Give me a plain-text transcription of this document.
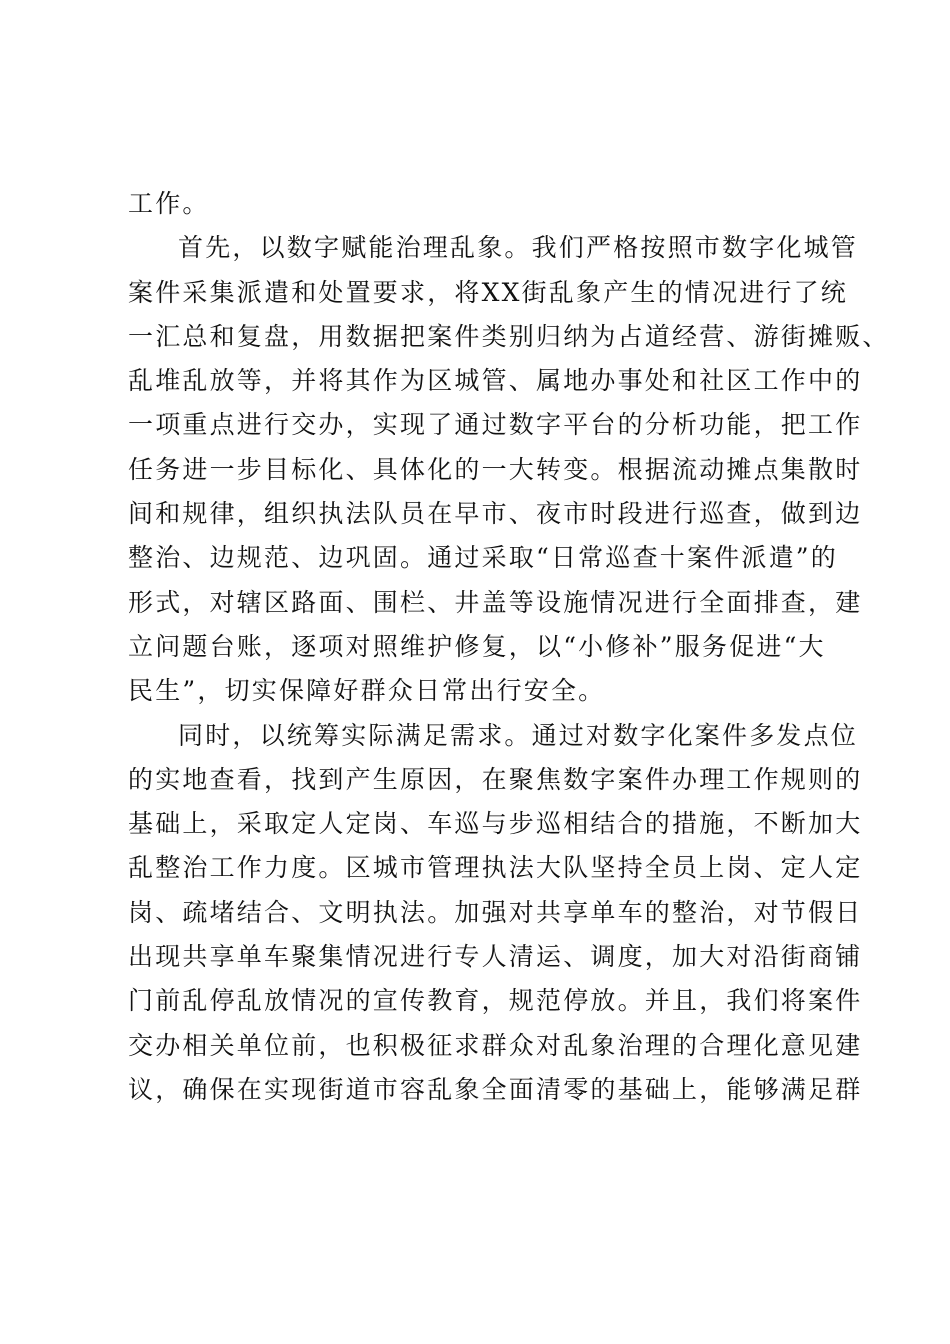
工作。
首先，以数字赋能治理乱象。我们严格按照市数字化城管
案件采集派遣和处置要求，将XX街乱象产生的情况进行了统
一汇总和复盘，用数据把案件类别归纳为占道经营、游街摊贩、
乱堆乱放等，并将其作为区城管、属地办事处和社区工作中的
一项重点进行交办，实现了通过数字平台的分析功能，把工作
任务进一步目标化、具体化的一大转变。根据流动摊点集散时
间和规律，组织执法队员在早市、夜市时段进行巡查，做到边
整治、边规范、边巩固。通过采取“日常巡查十案件派遣”的
形式，对辖区路面、围栏、井盖等设施情况进行全面排查，建
立问题台账，逐项对照维护修复，以“小修补”服务促进“大
民生”，切实保障好群众日常出行安全。
同时，以统筹实际满足需求。通过对数字化案件多发点位
的实地查看，找到产生原因，在聚焦数字案件办理工作规则的
基础上，采取定人定岗、车巡与步巡相结合的措施，不断加大
乱整治工作力度。区城市管理执法大队坚持全员上岗、定人定
岗、疏堵结合、文明执法。加强对共享单车的整治，对节假日
出现共享单车聚集情况进行专人清运、调度，加大对沿街商铺
门前乱停乱放情况的宣传教育，规范停放。并且，我们将案件
交办相关单位前，也积极征求群众对乱象治理的合理化意见建
议，确保在实现街道市容乱象全面清零的基础上，能够满足群
